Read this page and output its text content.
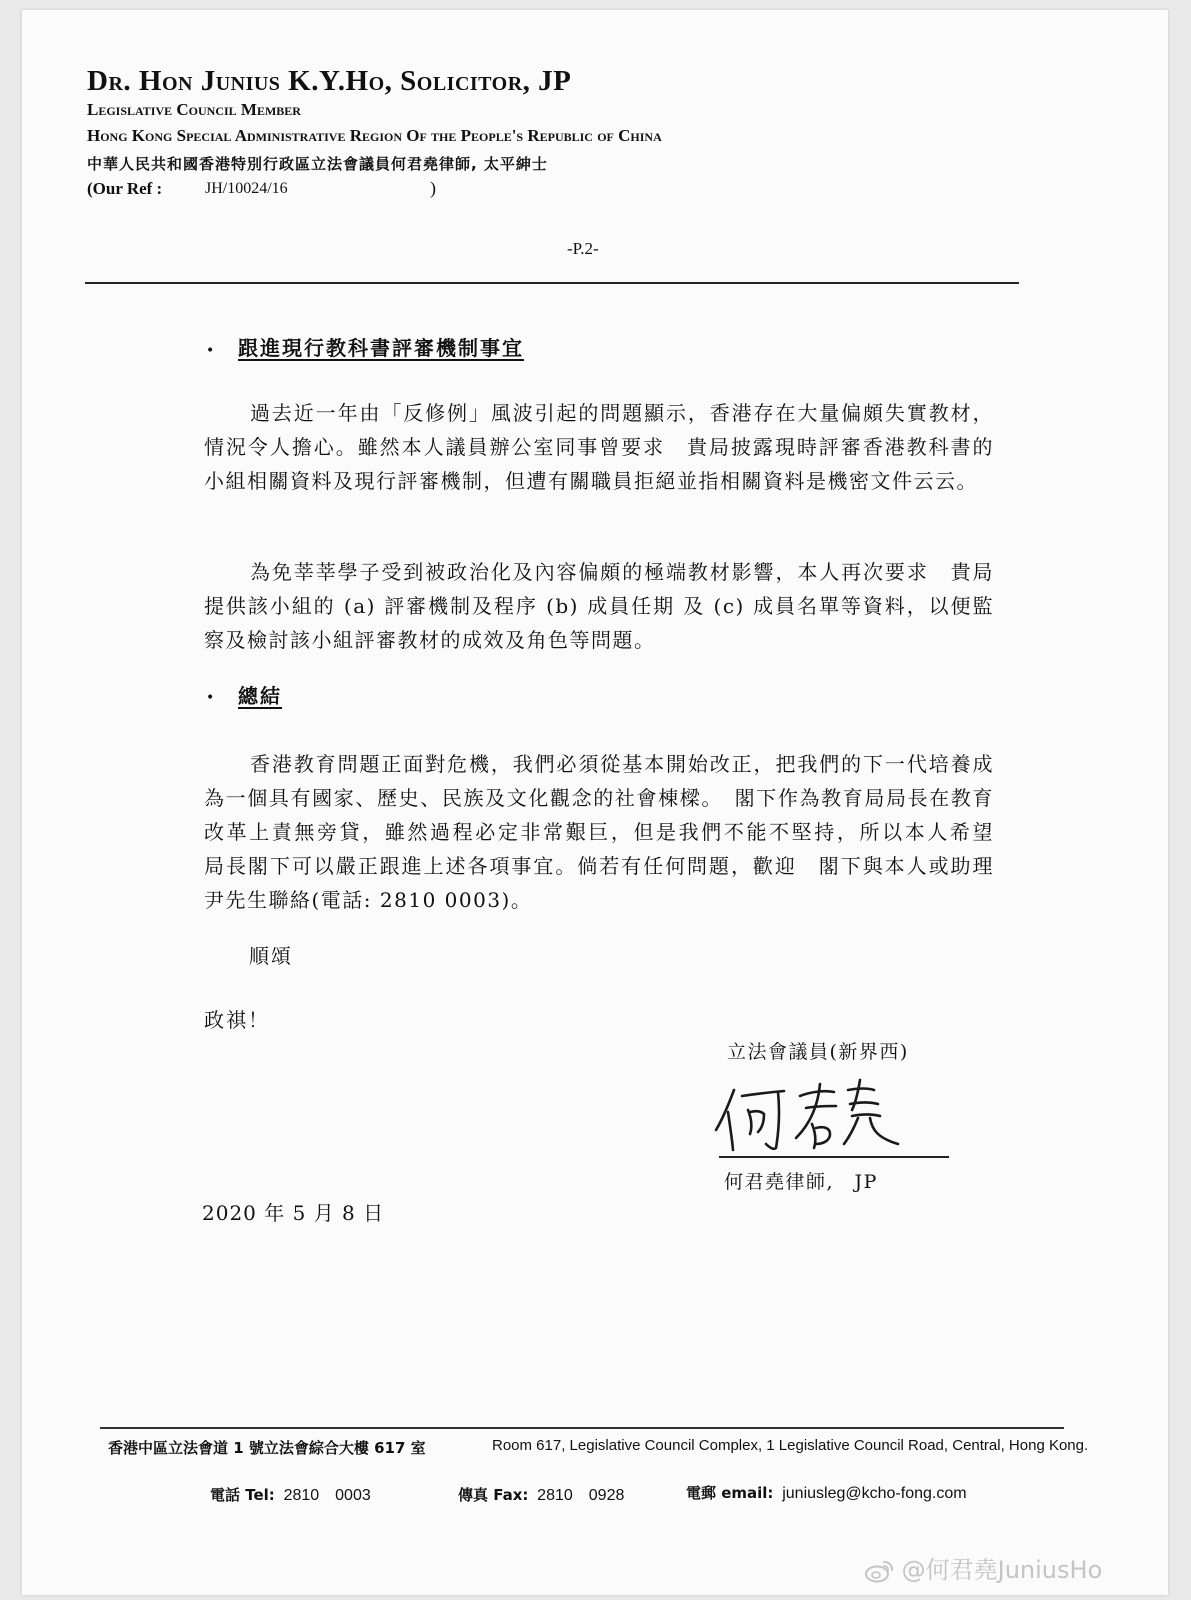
Dr. Hon Junius K.Y.Ho, Solicitor, JP
Legislative Council Member
Hong Kong Special Administrative Region Of the People's Republic of China
中華人民共和國香港特別行政區立法會議員何君堯律師, 太平紳士
(Our Ref :	JH/10024/16	)
-P.2-
• 跟進現行教科書評審機制事宜

過去近一年由「反修例」風波引起的問題顯示，香港存在大量偏頗失實教材，情況令人擔心。雖然本人議員辦公室同事曾要求　貴局披露現時評審香港教科書的小組相關資料及現行評審機制，但遭有關職員拒絕並指相關資料是機密文件云云。

為免莘莘學子受到被政治化及內容偏頗的極端教材影響，本人再次要求　貴局提供該小組的 (a) 評審機制及程序 (b) 成員任期 及 (c) 成員名單等資料，以便監察及檢討該小組評審教材的成效及角色等問題。

• 總結

香港教育問題正面對危機，我們必須從基本開始改正，把我們的下一代培養成為一個具有國家、歷史、民族及文化觀念的社會棟樑。　閣下作為教育局局長在教育改革上責無旁貸，雖然過程必定非常艱巨，但是我們不能不堅持，所以本人希望　局長閣下可以嚴正跟進上述各項事宜。倘若有任何問題，歡迎　閣下與本人或助理尹先生聯絡(電話: 2810 0003)。

順頌
政祺！
立法會議員(新界西)
何君堯律師,　JP
2020 年 5 月 8 日
香港中區立法會道 1 號立法會綜合大樓 617 室	Room 617, Legislative Council Complex, 1 Legislative Council Road, Central, Hong Kong.
電話 Tel: 2810　0003	傳真 Fax: 2810　0928	電郵 email: juniusleg@kcho-fong.com
@何君堯JuniusHo
